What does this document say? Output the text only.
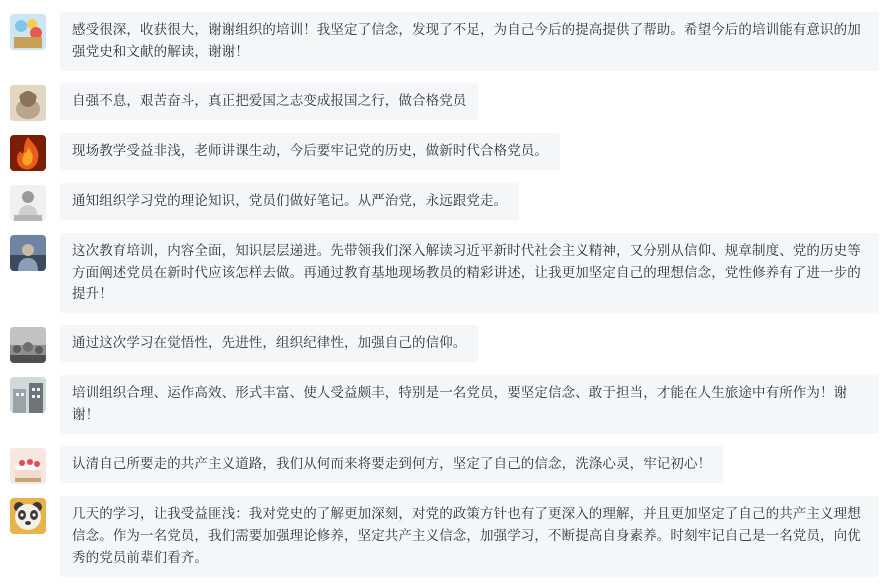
感受很深，收获很大，谢谢组织的培训！我坚定了信念，发现了不足，为自己今后的提高提供了帮助。希望今后的培训能有意识的加强党史和文献的解读，谢谢！
自强不息，艰苦奋斗，真正把爱国之志变成报国之行，做合格党员
现场教学受益非浅，老师讲课生动，今后要牢记党的历史，做新时代合格党员。
通知组织学习党的理论知识，党员们做好笔记。从严治党，永远跟党走。
这次教育培训，内容全面，知识层层递进。先带领我们深入解读习近平新时代社会主义精神，又分别从信仰、规章制度、党的历史等方面阐述党员在新时代应该怎样去做。再通过教育基地现场教员的精彩讲述，让我更加坚定自己的理想信念，党性修养有了进一步的提升！
通过这次学习在觉悟性，先进性，组织纪律性，加强自己的信仰。
培训组织合理、运作高效、形式丰富、使人受益颇丰，特别是一名党员，要坚定信念、敢于担当，才能在人生旅途中有所作为！谢谢！
认清自己所要走的共产主义道路，我们从何而来将要走到何方，坚定了自己的信念，洗涤心灵，牢记初心！
几天的学习，让我受益匪浅：我对党史的了解更加深刻，对党的政策方针也有了更深入的理解，并且更加坚定了自己的共产主义理想信念。作为一名党员，我们需要加强理论修养，坚定共产主义信念，加强学习，不断提高自身素养。时刻牢记自己是一名党员，向优秀的党员前辈们看齐。
